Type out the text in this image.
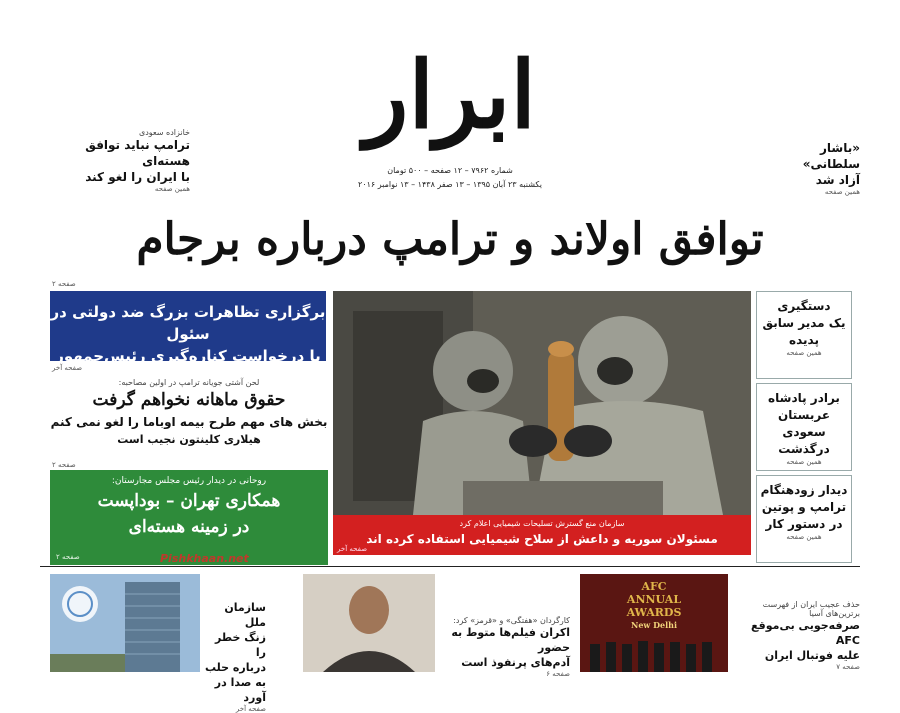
ابرار
شماره ۷۹۶۲ – ۱۲ صفحه – ۵۰۰ تومان
یکشنبه ۲۳ آبان ۱۳۹۵ – ۱۳ صفر ۱۴۳۸ – ۱۳ نوامبر ۲۰۱۶
خانزاده سعودی
ترامپ نباید توافق هسته‌ای
با ایران را لغو کند
همین صفحه
«باشار سلطانی»
آزاد شد
همین صفحه
توافق اولاند و ترامپ درباره برجام
صفحه ۲
برگزاری تظاهرات بزرگ ضد دولتی در سئول
با درخواست کناره‌گیری رئیس‌جمهور
صفحه آخر
لحن آشتی جویانه ترامپ در اولین مصاحبه:
حقوق ماهانه نخواهم گرفت
بخش های مهم طرح بیمه اوباما را لغو نمی کنم
هیلاری کلینتون نجیب است
صفحه ۲
روحانی در دیدار رئیس مجلس مجارستان:
همکاری تهران – بوداپست
در زمینه هسته‌ای
صفحه ۲	Pishkhaan.net
سازمان منع گسترش تسلیحات شیمیایی اعلام کرد
مسئولان سوریه و داعش از سلاح شیمیایی استفاده کرده اند
صفحه آخر
دستگیری
یک مدیر سابق پدیده
همین صفحه
برادر پادشاه
عربستان سعودی
درگذشت
همین صفحه
دیدار زودهنگام
ترامپ و پوتین
در دستور کار
همین صفحه
سازمان ملل
زنگ خطر را
درباره حلب
به صدا در آورد
صفحه آخر
کارگردان «هفتگی» و «قرمز» کرد:
اکران فیلم‌ها متوط به حضور
آدم‌های پرنفوذ است
صفحه ۶
AFC
ANNUAL
AWARDS
New Delhi
حذف عجیب ایران از فهرست برترین‌های آسیا
صرفه‌جویی بی‌موقع AFC
علیه فوتبال ایران
صفحه ۷
